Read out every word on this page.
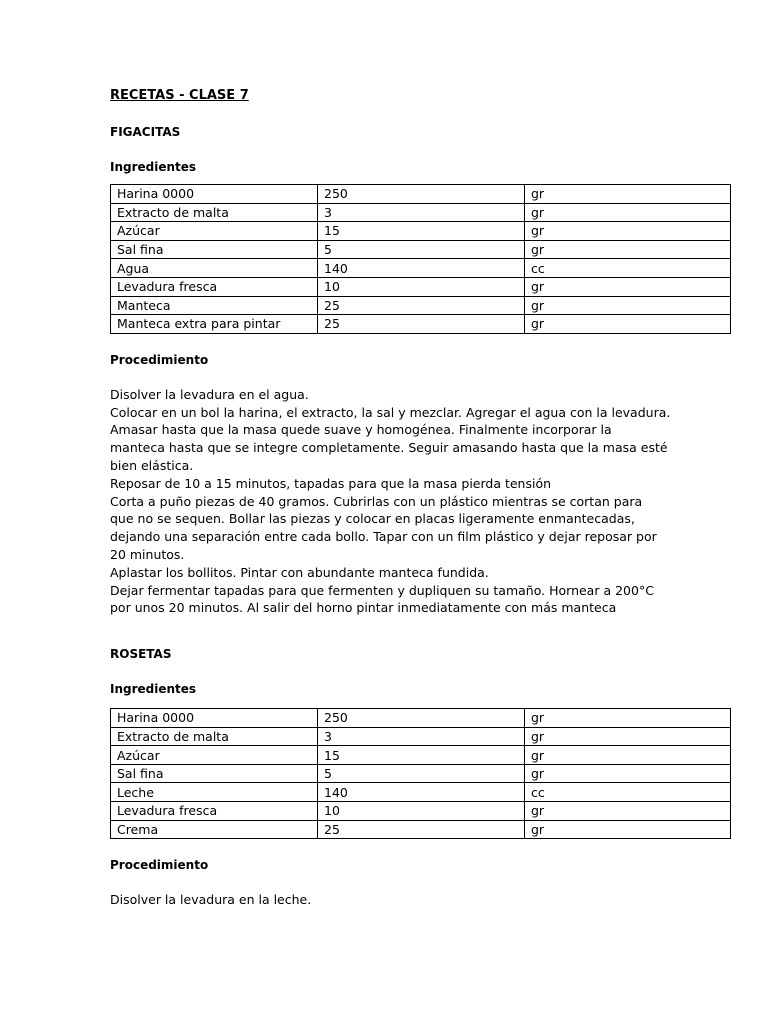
RECETAS - CLASE 7
FIGACITAS
Ingredientes
Harina 0000	250	gr
Extracto de malta	3	gr
Azúcar	15	gr
Sal fina	5	gr
Agua	140	cc
Levadura fresca	10	gr
Manteca	25	gr
Manteca extra para pintar	25	gr
Procedimiento

Disolver la levadura en el agua.

Colocar en un bol la harina, el extracto, la sal y mezclar. Agregar el agua con la levadura.

Amasar hasta que la masa quede suave y homogénea. Finalmente incorporar la

manteca hasta que se integre completamente. Seguir amasando hasta que la masa esté

bien elástica.

Reposar de 10 a 15 minutos, tapadas para que la masa pierda tensión

Corta a puño piezas de 40 gramos. Cubrirlas con un plástico mientras se cortan para

que no se sequen. Bollar las piezas y colocar en placas ligeramente enmantecadas,

dejando una separación entre cada bollo. Tapar con un film plástico y dejar reposar por

20 minutos.

Aplastar los bollitos. Pintar con abundante manteca fundida.

Dejar fermentar tapadas para que fermenten y dupliquen su tamaño. Hornear a 200°C

por unos 20 minutos. Al salir del horno pintar inmediatamente con más manteca

ROSETAS
Ingredientes
Harina 0000	250	gr
Extracto de malta	3	gr
Azúcar	15	gr
Sal fina	5	gr
Leche	140	cc
Levadura fresca	10	gr
Crema	25	gr
Procedimiento

Disolver la levadura en la leche.
